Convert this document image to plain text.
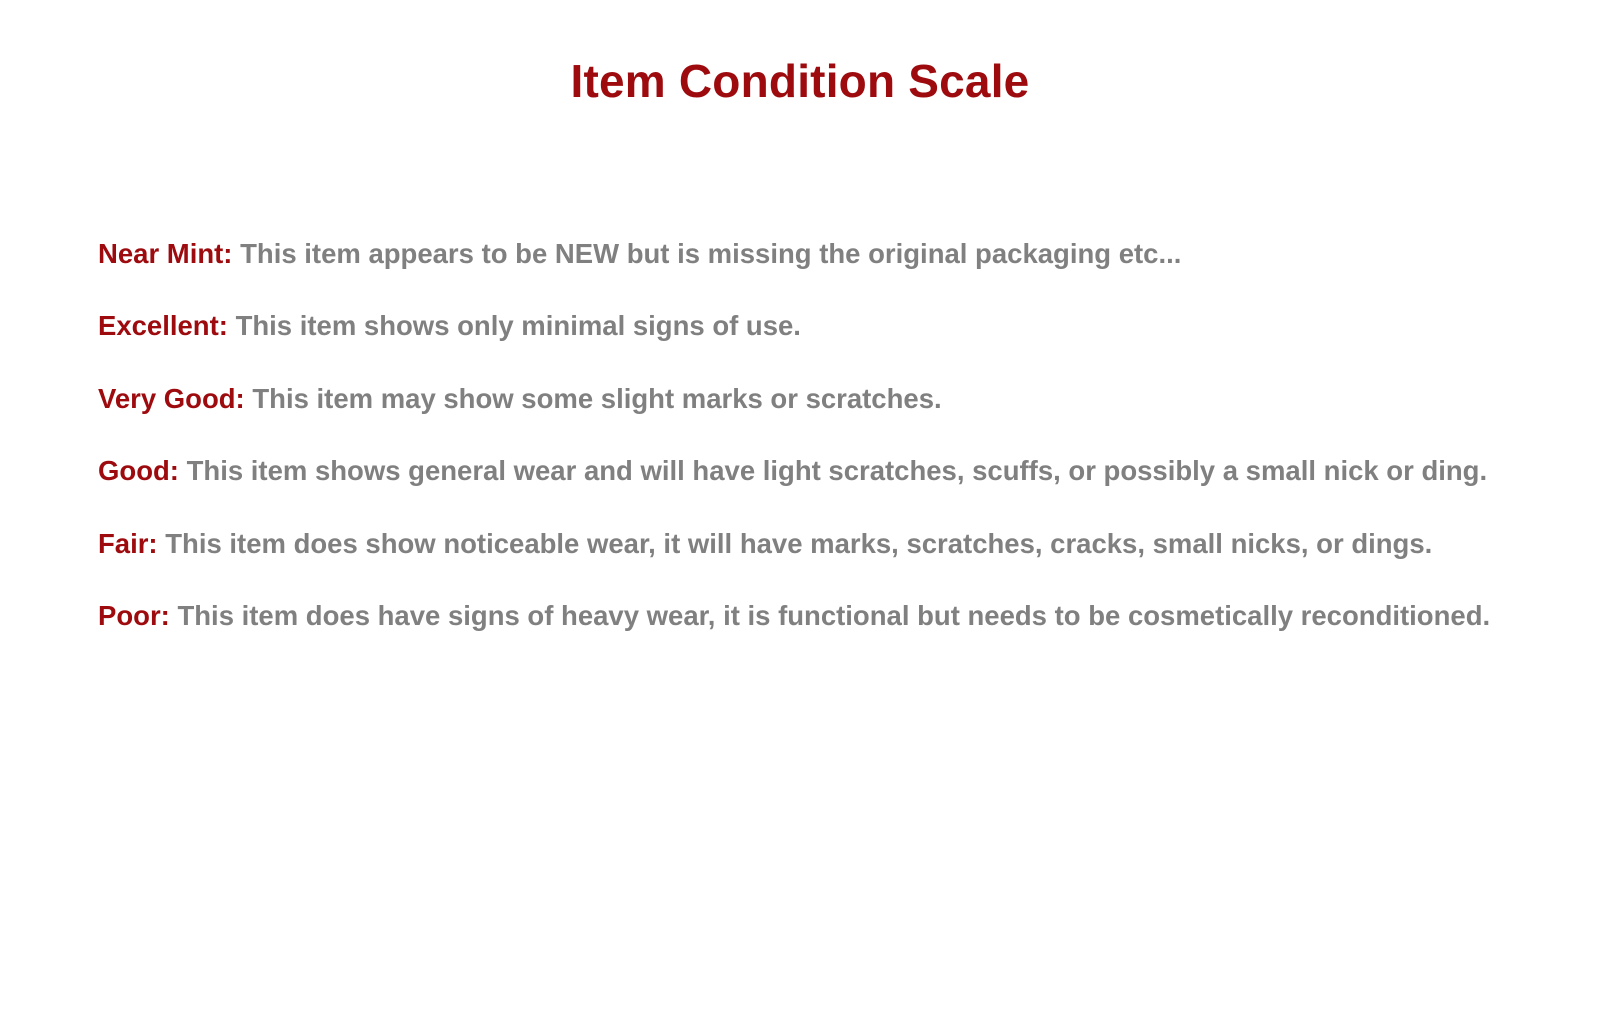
Item Condition Scale
Near Mint: This item appears to be NEW but is missing the original packaging etc...
Excellent: This item shows only minimal signs of use.
Very Good: This item may show some slight marks or scratches.
Good: This item shows general wear and will have light scratches, scuffs, or possibly a small nick or ding.
Fair: This item does show noticeable wear, it will have marks, scratches, cracks, small nicks, or dings.
Poor: This item does have signs of heavy wear, it is functional but needs to be cosmetically reconditioned.
